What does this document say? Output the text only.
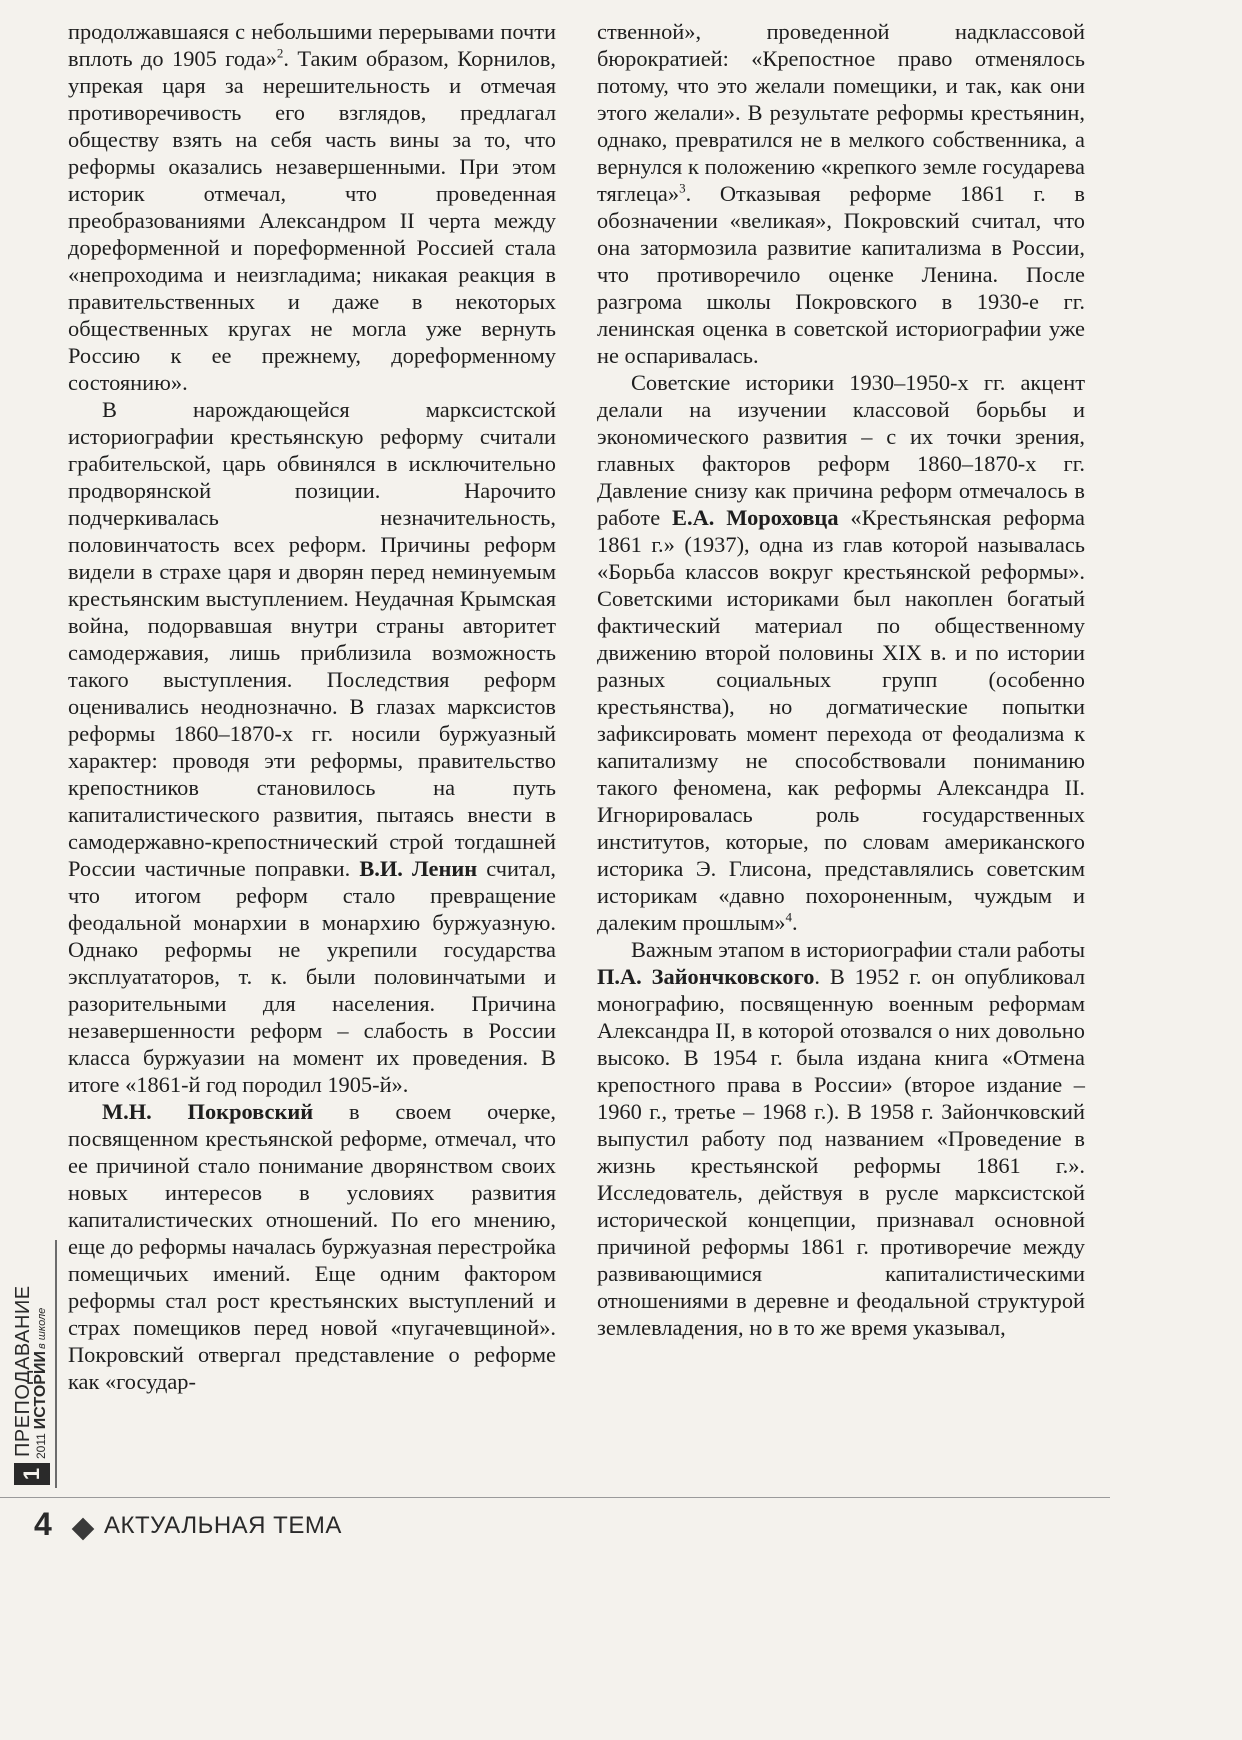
продолжавшаяся с небольшими перерывами почти вплоть до 1905 года»$^2$. Таким образом, Корнилов, упрекая царя за нерешительность и отмечая противоречивость его взглядов, предлагал обществу взять на себя часть вины за то, что реформы оказались незавершенными. При этом историк отмечал, что проведенная преобразованиями Александром II черта между дореформенной и пореформенной Россией стала «непроходима и неизгладима; никакая реакция в правительственных и даже в некоторых общественных кругах не могла уже вернуть Россию к ее прежнему, дореформенному состоянию».

В нарождающейся марксистской историографии крестьянскую реформу считали грабительской, царь обвинялся в исключительно продворянской позиции. Нарочито подчеркивалась незначительность, половинчатость всех реформ. Причины реформ видели в страхе царя и дворян перед неминуемым крестьянским выступлением. Неудачная Крымская война, подорвавшая внутри страны авторитет самодержавия, лишь приблизила возможность такого выступления. Последствия реформ оценивались неоднозначно. В глазах марксистов реформы 1860–1870-х гг. носили буржуазный характер: проводя эти реформы, правительство крепостников становилось на путь капиталистического развития, пытаясь внести в самодержавно-крепостнический строй тогдашней России частичные поправки. В.И. Ленин считал, что итогом реформ стало превращение феодальной монархии в монархию буржуазную. Однако реформы не укрепили государства эксплуататоров, т. к. были половинчатыми и разорительными для населения. Причина незавершенности реформ – слабость в России класса буржуазии на момент их проведения. В итоге «1861-й год породил 1905-й».

М.Н. Покровский в своем очерке, посвященном крестьянской реформе, отмечал, что ее причиной стало понимание дворянством своих новых интересов в условиях развития капиталистических отношений. По его мнению, еще до реформы началась буржуазная перестройка помещичьих имений. Еще одним фактором реформы стал рост крестьянских выступлений и страх помещиков перед новой «пугачевщиной». Покровский отвергал представление о реформе как «государ-

ственной», проведенной надклассовой бюрократией: «Крепостное право отменялось потому, что это желали помещики, и так, как они этого желали». В результате реформы крестьянин, однако, превратился не в мелкого собственника, а вернулся к положению «крепкого земле государева тяглеца»$^3$. Отказывая реформе 1861 г. в обозначении «великая», Покровский считал, что она затормозила развитие капитализма в России, что противоречило оценке Ленина. После разгрома школы Покровского в 1930-е гг. ленинская оценка в советской историографии уже не оспаривалась.

Советские историки 1930–1950-х гг. акцент делали на изучении классовой борьбы и экономического развития – с их точки зрения, главных факторов реформ 1860–1870-х гг. Давление снизу как причина реформ отмечалось в работе Е.А. Мороховца «Крестьянская реформа 1861 г.» (1937), одна из глав которой называлась «Борьба классов вокруг крестьянской реформы». Советскими историками был накоплен богатый фактический материал по общественному движению второй половины XIX в. и по истории разных социальных групп (особенно крестьянства), но догматические попытки зафиксировать момент перехода от феодализма к капитализму не способствовали пониманию такого феномена, как реформы Александра II. Игнорировалась роль государственных институтов, которые, по словам американского историка Э. Глисона, представлялись советским историкам «давно похороненным, чуждым и далеким прошлым»$^4$.

Важным этапом в историографии стали работы П.А. Зайончковского. В 1952 г. он опубликовал монографию, посвященную военным реформам Александра II, в которой отозвался о них довольно высоко. В 1954 г. была издана книга «Отмена крепостного права в России» (второе издание – 1960 г., третье – 1968 г.). В 1958 г. Зайончковский выпустил работу под названием «Проведение в жизнь крестьянской реформы 1861 г.». Исследователь, действуя в русле марксистской исторической концепции, признавал основной причиной реформы 1861 г. противоречие между развивающимися капиталистическими отношениями в деревне и феодальной структурой землевладения, но в то же время указывал,

1
ПРЕПОДАВАНИЕ 2011ИСТОРИИв школе
4 АКТУАЛЬНАЯ ТЕМА
